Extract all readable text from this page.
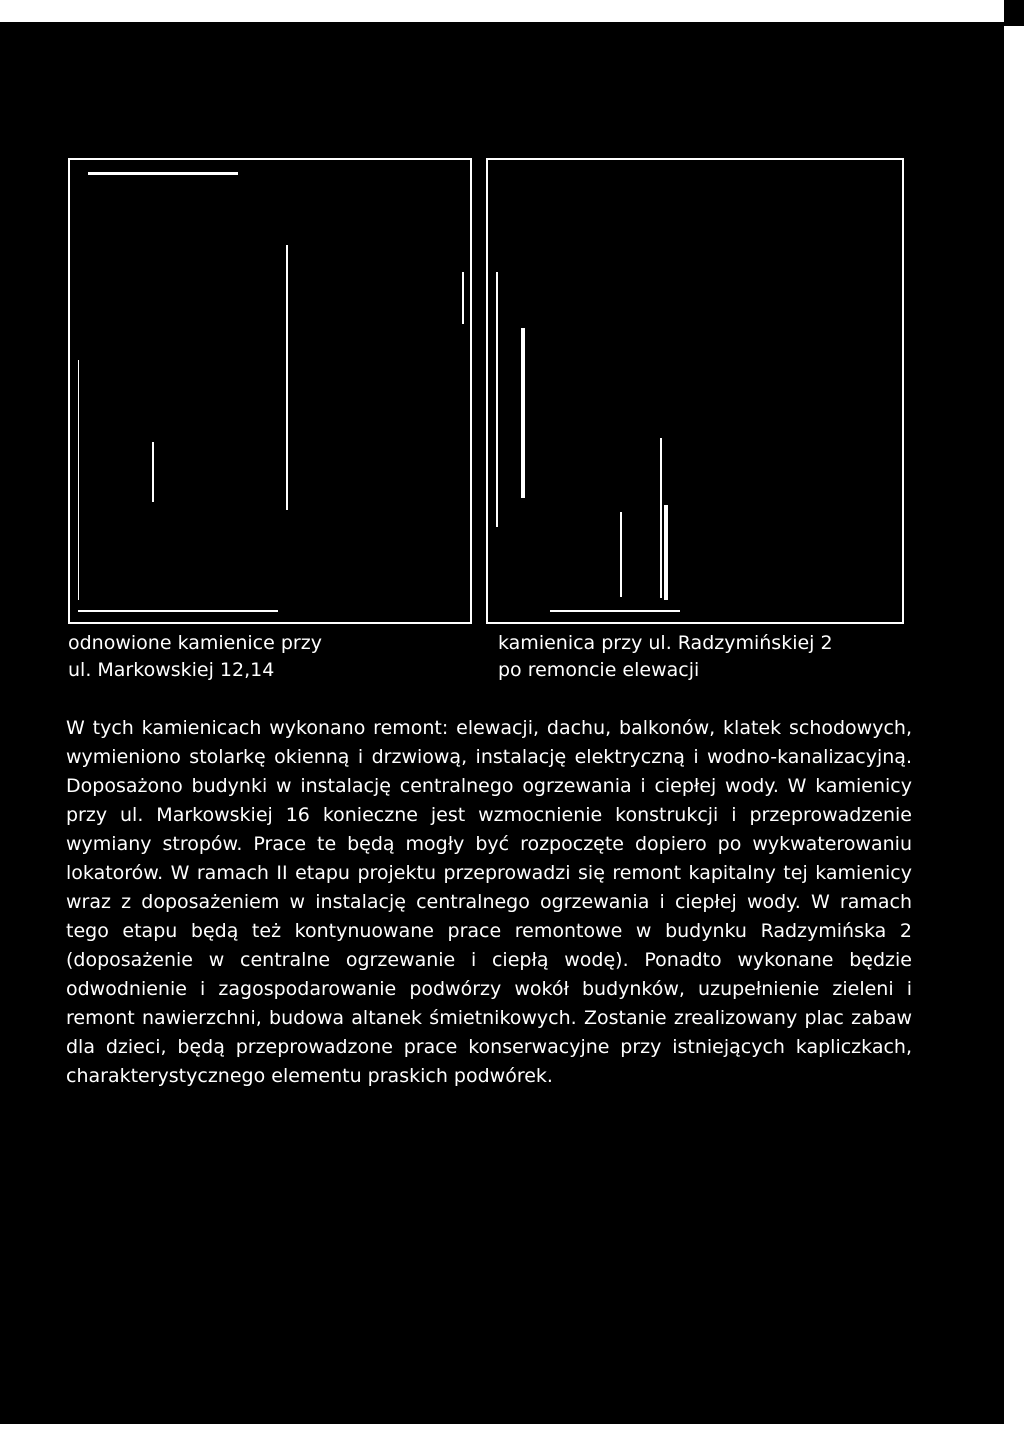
odnowione kamienice przy
ul. Markowskiej 12,14
kamienica przy ul. Radzymińskiej 2
po remoncie elewacji

W tych kamienicach wykonano remont: elewacji, dachu, balkonów, klatek schodowych, wymieniono stolarkę okienną i drzwiową, instalację elektryczną i wodno-kanalizacyjną. Doposażono budynki w instalację centralnego ogrzewania i ciepłej wody. W kamienicy przy ul. Markowskiej 16 konieczne jest wzmocnienie konstrukcji i przeprowadzenie wymiany stropów. Prace te będą mogły być rozpoczęte dopiero po wykwaterowaniu lokatorów. W ramach II etapu projektu przeprowadzi się remont kapitalny tej kamienicy wraz z doposażeniem w instalację centralnego ogrzewania i ciepłej wody. W ramach tego etapu będą też kontynuowane prace remontowe w budynku Radzymińska 2 (doposażenie w centralne ogrzewanie i ciepłą wodę). Ponadto wykonane będzie odwodnienie i zagospodarowanie podwórzy wokół budynków, uzupełnienie zieleni i remont nawierzchni, budowa altanek śmietnikowych. Zostanie zrealizowany plac zabaw dla dzieci, będą przeprowadzone prace konserwacyjne przy istniejących kapliczkach, charakterystycznego elementu praskich podwórek.
